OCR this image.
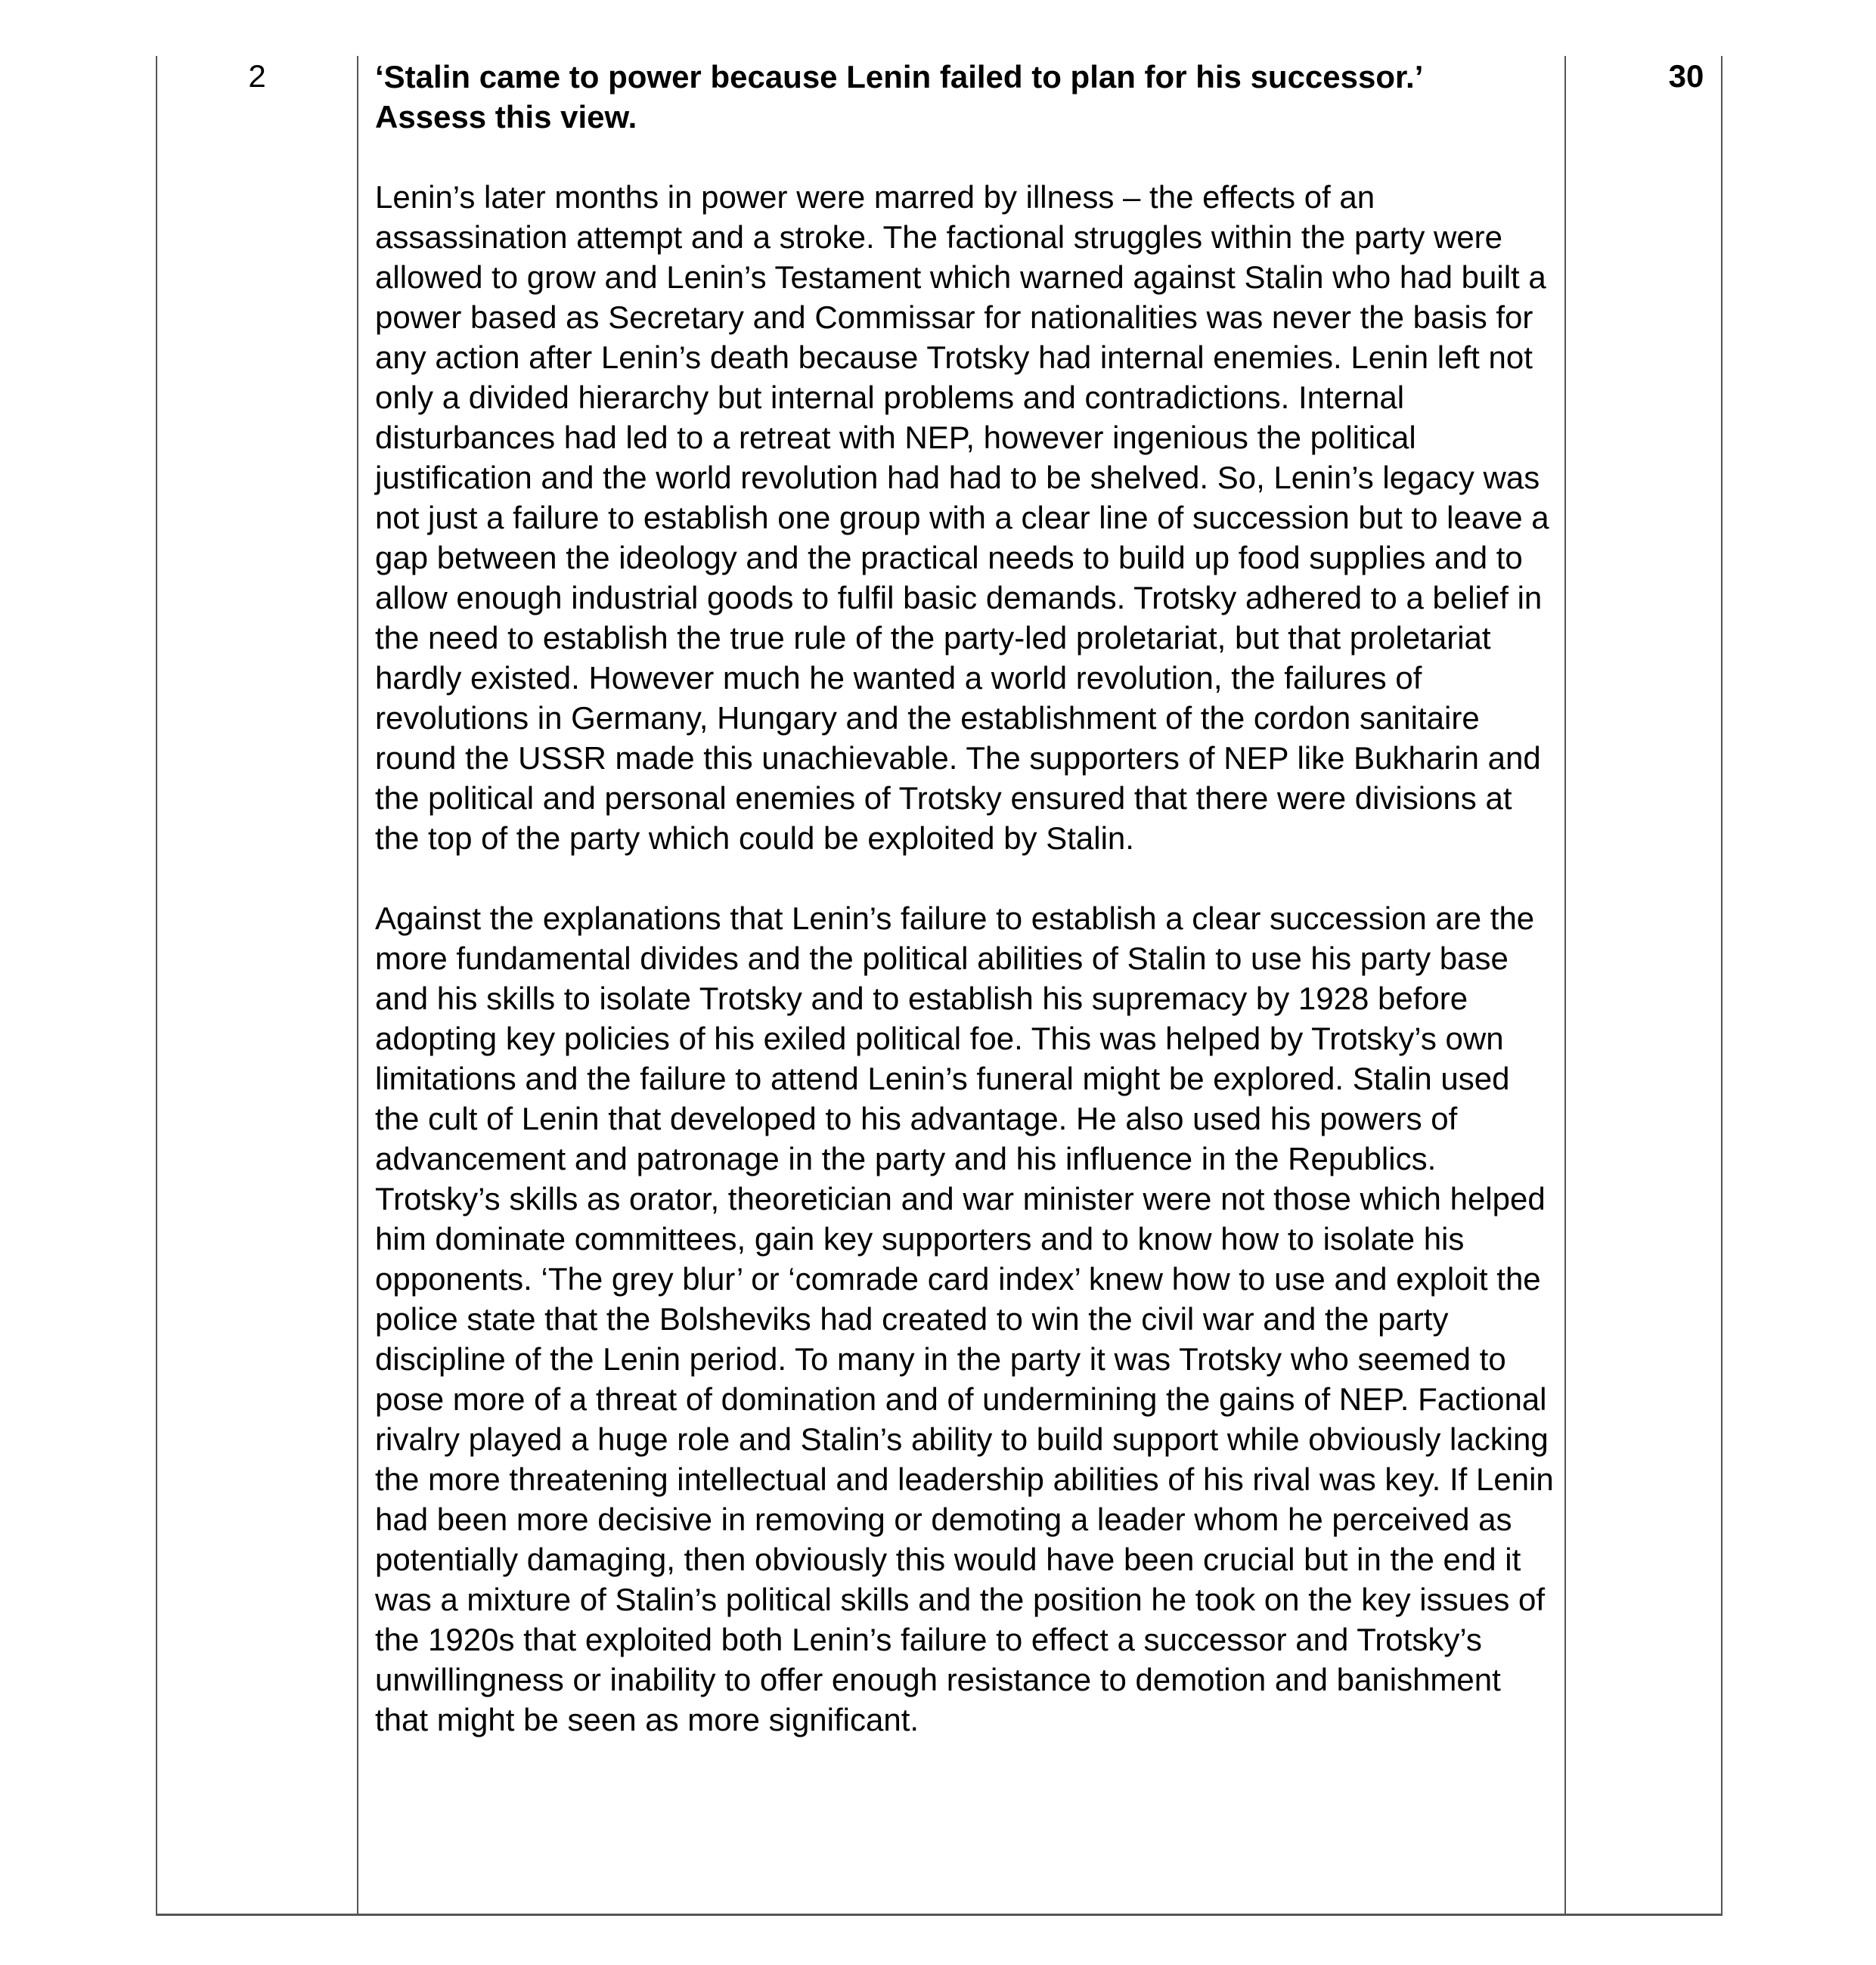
2	‘Stalin came to power because Lenin failed to plan for his successor.’
Assess this view.

Lenin’s later months in power were marred by illness – the effects of an assassination attempt and a stroke. The factional struggles within the party were allowed to grow and Lenin’s Testament which warned against Stalin who had built a power based as Secretary and Commissar for nationalities was never the basis for any action after Lenin’s death because Trotsky had internal enemies. Lenin left not only a divided hierarchy but internal problems and contradictions. Internal disturbances had led to a retreat with NEP, however ingenious the political justification and the world revolution had had to be shelved. So, Lenin’s legacy was not just a failure to establish one group with a clear line of succession but to leave a gap between the ideology and the practical needs to build up food supplies and to allow enough industrial goods to fulfil basic demands. Trotsky adhered to a belief in the need to establish the true rule of the party-led proletariat, but that proletariat hardly existed. However much he wanted a world revolution, the failures of revolutions in Germany, Hungary and the establishment of the cordon sanitaire round the USSR made this unachievable. The supporters of NEP like Bukharin and the political and personal enemies of Trotsky ensured that there were divisions at the top of the party which could be exploited by Stalin.

Against the explanations that Lenin’s failure to establish a clear succession are the more fundamental divides and the political abilities of Stalin to use his party base and his skills to isolate Trotsky and to establish his supremacy by 1928 before adopting key policies of his exiled political foe. This was helped by Trotsky’s own limitations and the failure to attend Lenin’s funeral might be explored. Stalin used the cult of Lenin that developed to his advantage. He also used his powers of advancement and patronage in the party and his influence in the Republics. Trotsky’s skills as orator, theoretician and war minister were not those which helped him dominate committees, gain key supporters and to know how to isolate his opponents. ‘The grey blur’ or ‘comrade card index’ knew how to use and exploit the police state that the Bolsheviks had created to win the civil war and the party discipline of the Lenin period. To many in the party it was Trotsky who seemed to pose more of a threat of domination and of undermining the gains of NEP. Factional rivalry played a huge role and Stalin’s ability to build support while obviously lacking the more threatening intellectual and leadership abilities of his rival was key. If Lenin had been more decisive in removing or demoting a leader whom he perceived as potentially damaging, then obviously this would have been crucial but in the end it was a mixture of Stalin’s political skills and the position he took on the key issues of the 1920s that exploited both Lenin’s failure to effect a successor and Trotsky’s unwillingness or inability to offer enough resistance to demotion and banishment that might be seen as more significant.

30
